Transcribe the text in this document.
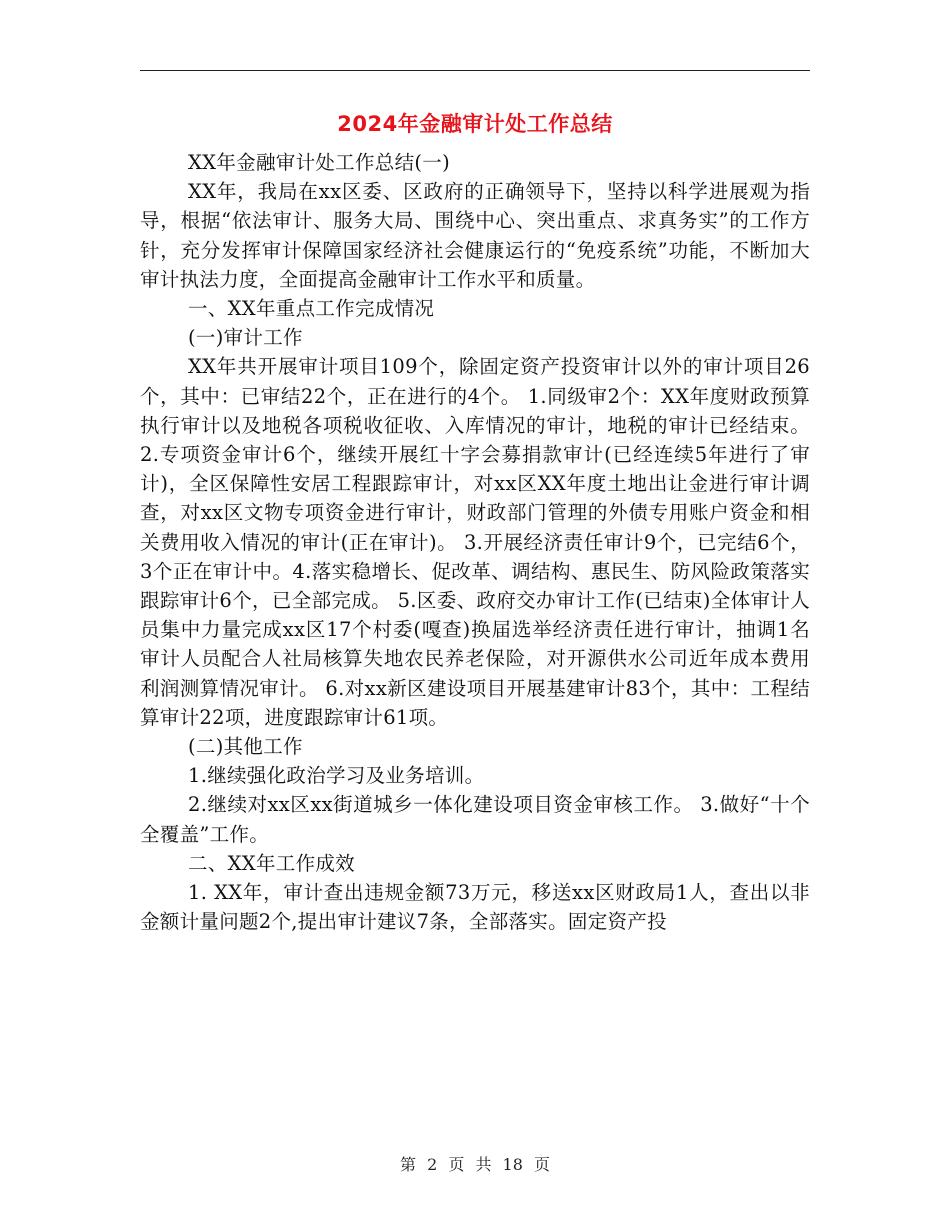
2024年金融审计处工作总结

XX年金融审计处工作总结(一)

XX年，我局在xx区委、区政府的正确领导下，坚持以科学进展观为指导，根据“依法审计、服务大局、围绕中心、突出重点、求真务实”的工作方针，充分发挥审计保障国家经济社会健康运行的“免疫系统”功能，不断加大审计执法力度，全面提高金融审计工作水平和质量。

一、XX年重点工作完成情况

(一)审计工作

XX年共开展审计项目109个，除固定资产投资审计以外的审计项目26个，其中：已审结22个，正在进行的4个。 1.同级审2个：XX年度财政预算执行审计以及地税各项税收征收、入库情况的审计，地税的审计已经结束。 2.专项资金审计6个，继续开展红十字会募捐款审计(已经连续5年进行了审计)，全区保障性安居工程跟踪审计，对xx区XX年度土地出让金进行审计调查，对xx区文物专项资金进行审计，财政部门管理的外债专用账户资金和相关费用收入情况的审计(正在审计)。 3.开展经济责任审计9个，已完结6个，3个正在审计中。4.落实稳增长、促改革、调结构、惠民生、防风险政策落实跟踪审计6个，已全部完成。 5.区委、政府交办审计工作(已结束)全体审计人员集中力量完成xx区17个村委(嘎查)换届选举经济责任进行审计，抽调1名审计人员配合人社局核算失地农民养老保险，对开源供水公司近年成本费用利润测算情况审计。 6.对xx新区建设项目开展基建审计83个，其中：工程结算审计22项，进度跟踪审计61项。

(二)其他工作

1.继续强化政治学习及业务培训。

2.继续对xx区xx街道城乡一体化建设项目资金审核工作。 3.做好“十个全覆盖”工作。

二、XX年工作成效

1. XX年，审计查出违规金额73万元，移送xx区财政局1人，查出以非金额计量问题2个,提出审计建议7条，全部落实。固定资产投

第 2 页 共 18 页
